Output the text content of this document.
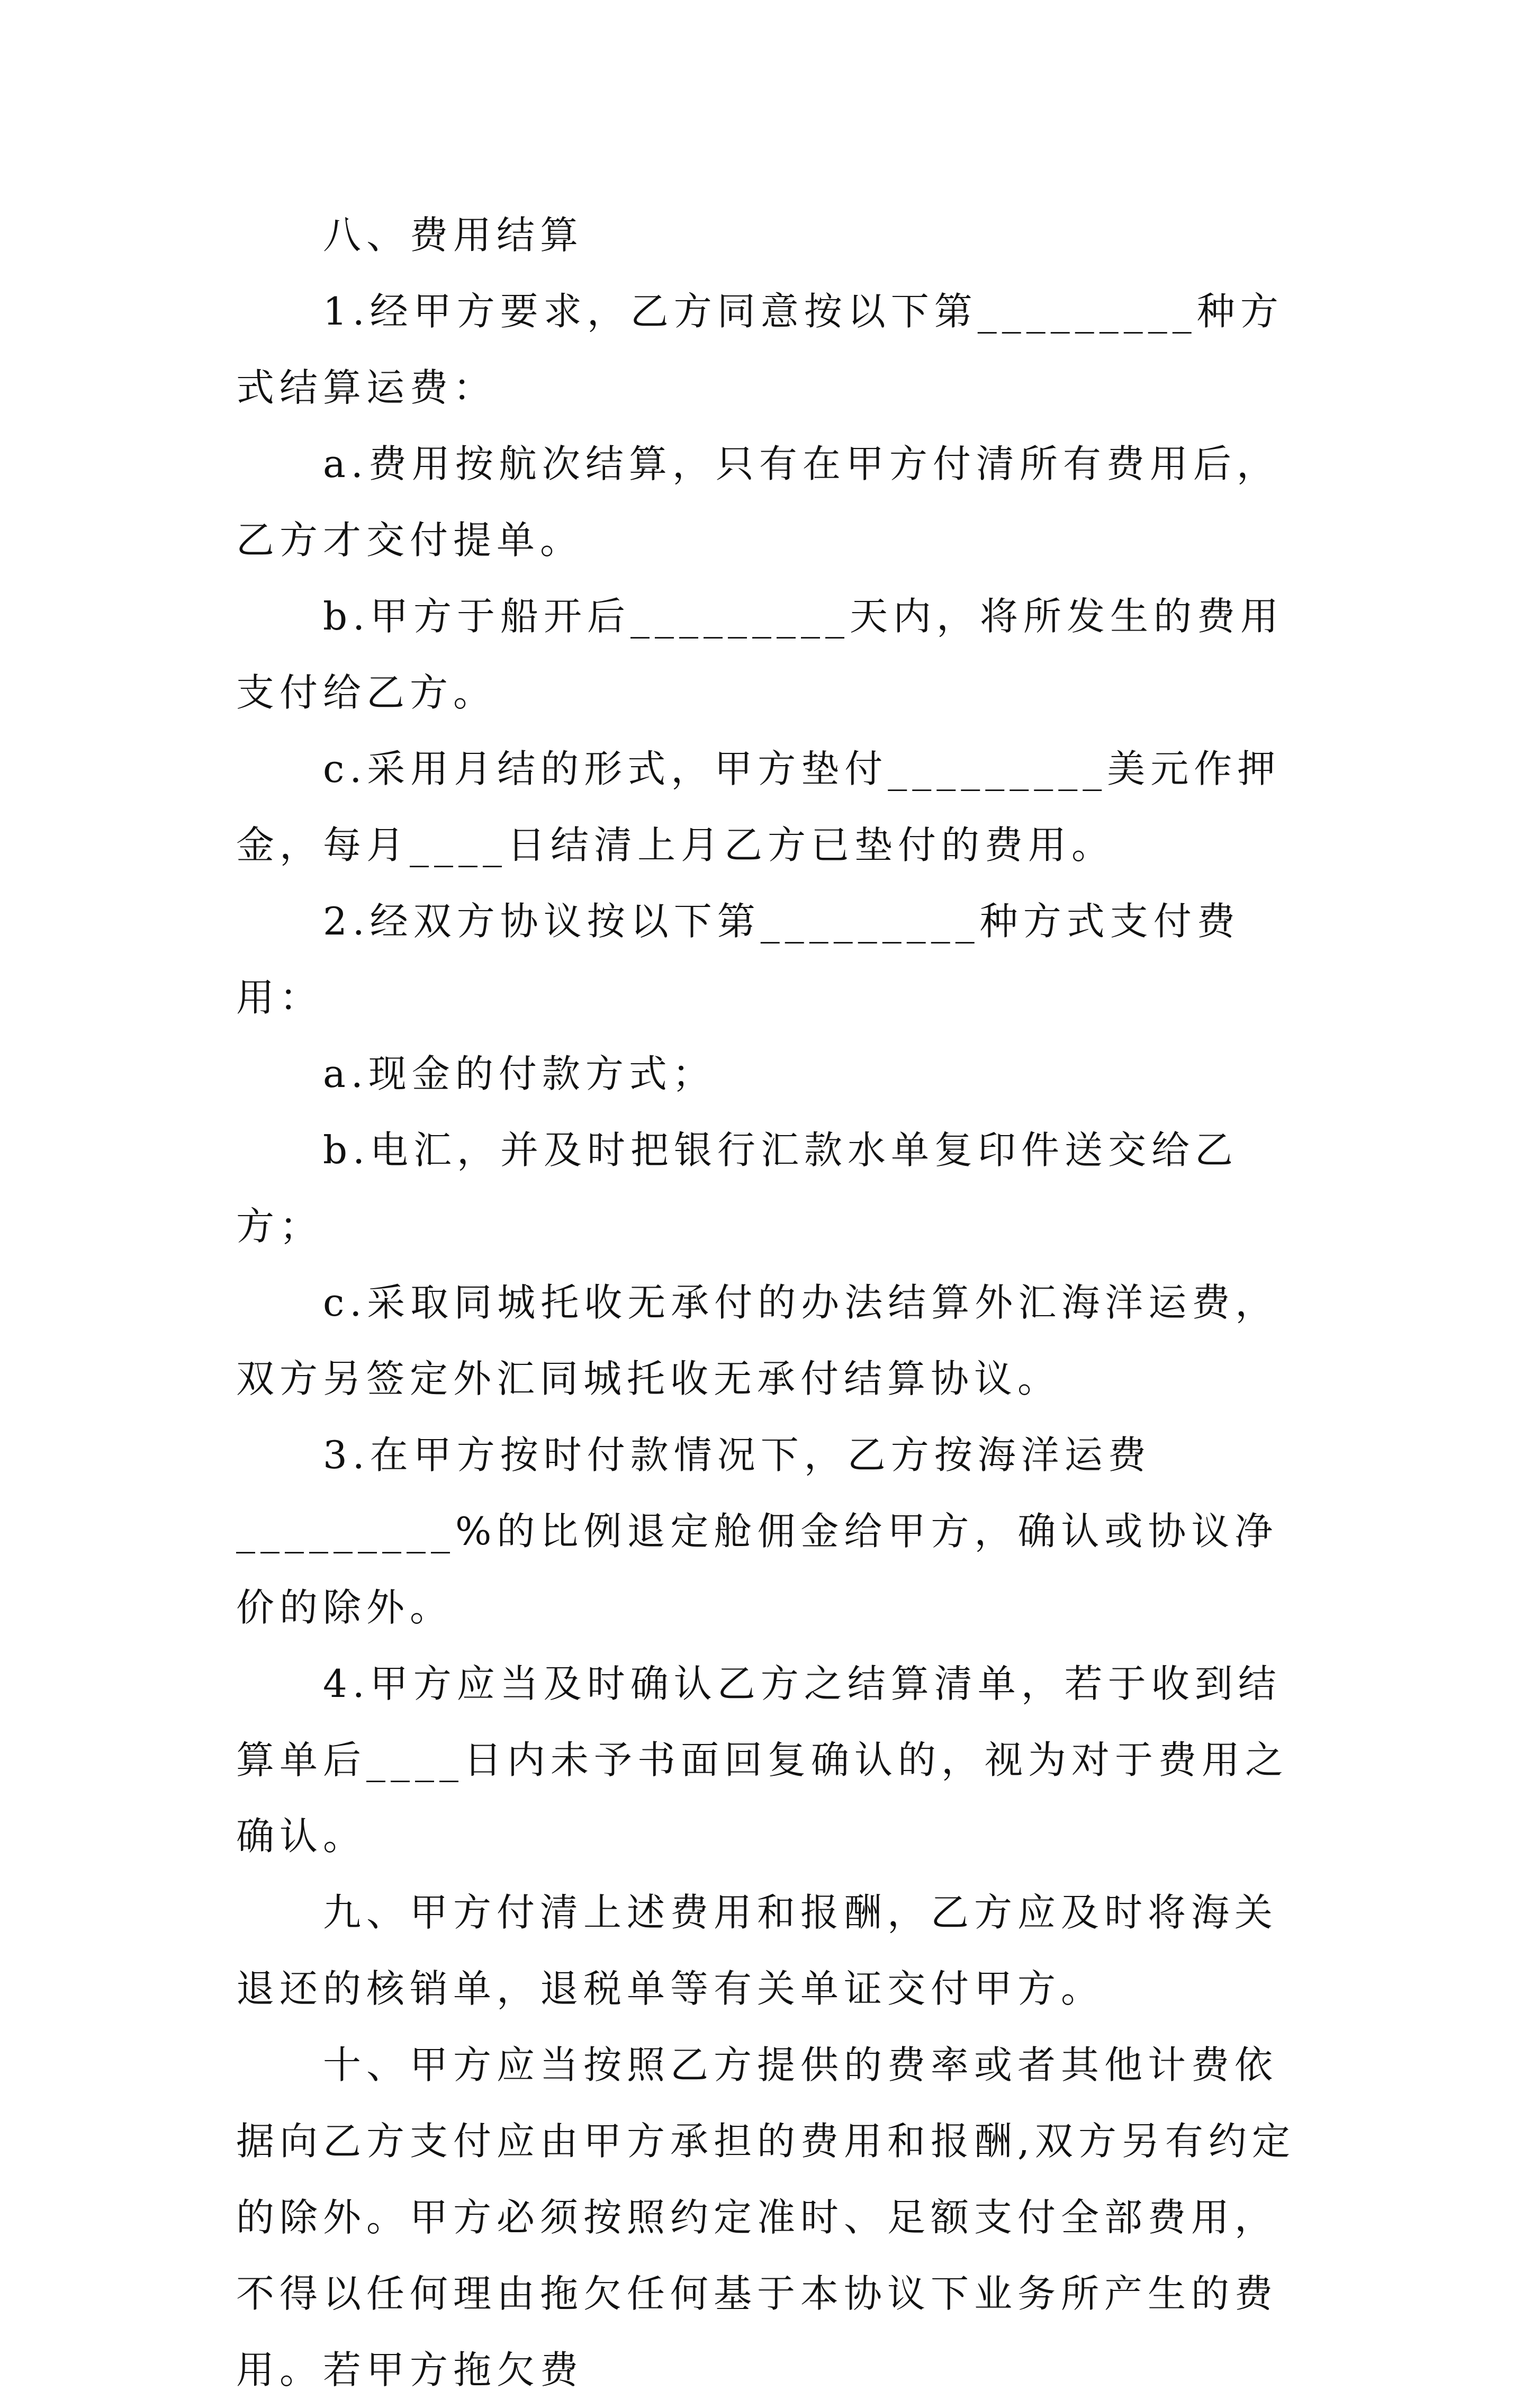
八、费用结算

1.经甲方要求，乙方同意按以下第_________种方式结算运费：

a.费用按航次结算，只有在甲方付清所有费用后，乙方才交付提单。

b.甲方于船开后_________天内，将所发生的费用支付给乙方。

c.采用月结的形式，甲方垫付_________美元作押金，每月____日结清上月乙方已垫付的费用。

2.经双方协议按以下第_________种方式支付费用：

a.现金的付款方式；

b.电汇，并及时把银行汇款水单复印件送交给乙方；

c.采取同城托收无承付的办法结算外汇海洋运费，双方另签定外汇同城托收无承付结算协议。

3.在甲方按时付款情况下，乙方按海洋运费_________%的比例退定舱佣金给甲方，确认或协议净价的除外。

4.甲方应当及时确认乙方之结算清单，若于收到结算单后____日内未予书面回复确认的，视为对于费用之确认。

九、甲方付清上述费用和报酬，乙方应及时将海关退还的核销单，退税单等有关单证交付甲方。

十、甲方应当按照乙方提供的费率或者其他计费依据向乙方支付应由甲方承担的费用和报酬,双方另有约定的除外。甲方必须按照约定准时、足额支付全部费用，不得以任何理由拖欠任何基于本协议下业务所产生的费用。若甲方拖欠费
